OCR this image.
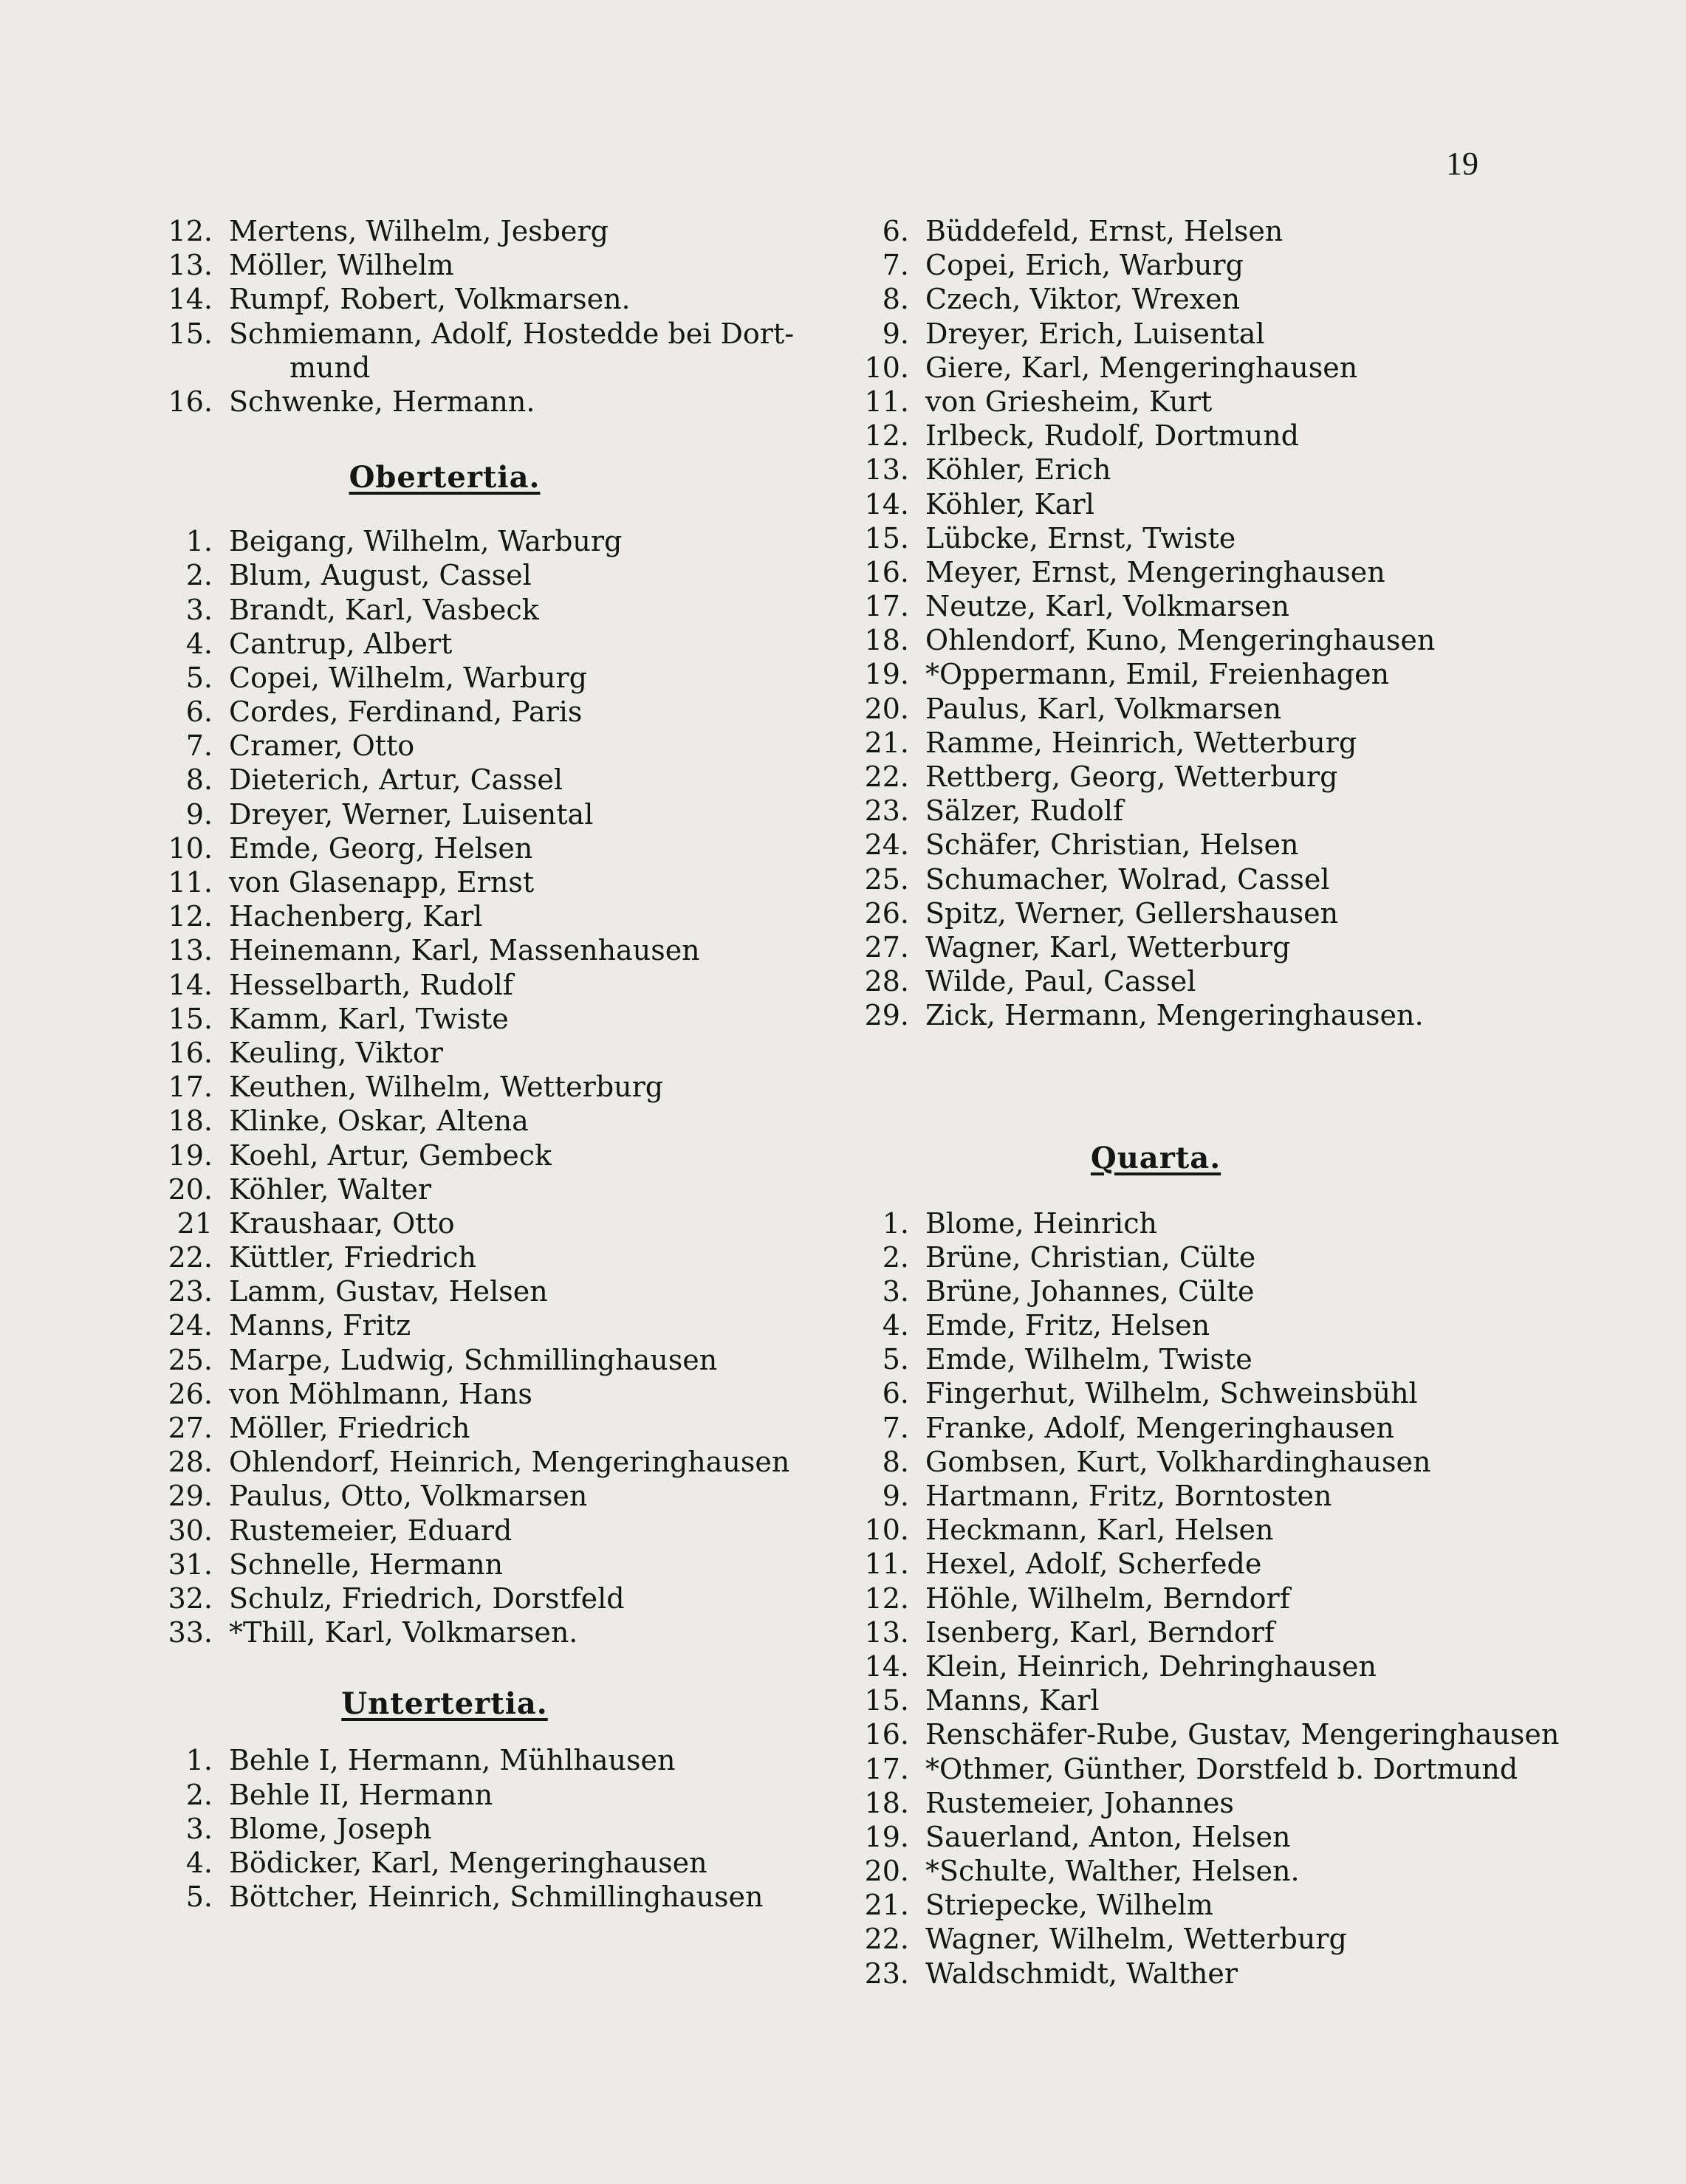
19
12. Mertens, Wilhelm, Jesberg
13. Möller, Wilhelm
14. Rumpf, Robert, Volkmarsen.
15. Schmiemann, Adolf, Hostedde bei Dort-
mund
16. Schwenke, Hermann.
Obertertia.
1. Beigang, Wilhelm, Warburg
2. Blum, August, Cassel
3. Brandt, Karl, Vasbeck
4. Cantrup, Albert
5. Copei, Wilhelm, Warburg
6. Cordes, Ferdinand, Paris
7. Cramer, Otto
8. Dieterich, Artur, Cassel
9. Dreyer, Werner, Luisental
10. Emde, Georg, Helsen
11. von Glasenapp, Ernst
12. Hachenberg, Karl
13. Heinemann, Karl, Massenhausen
14. Hesselbarth, Rudolf
15. Kamm, Karl, Twiste
16. Keuling, Viktor
17. Keuthen, Wilhelm, Wetterburg
18. Klinke, Oskar, Altena
19. Koehl, Artur, Gembeck
20. Köhler, Walter
21 Kraushaar, Otto
22. Küttler, Friedrich
23. Lamm, Gustav, Helsen
24. Manns, Fritz
25. Marpe, Ludwig, Schmillinghausen
26. von Möhlmann, Hans
27. Möller, Friedrich
28. Ohlendorf, Heinrich, Mengeringhausen
29. Paulus, Otto, Volkmarsen
30. Rustemeier, Eduard
31. Schnelle, Hermann
32. Schulz, Friedrich, Dorstfeld
33. *Thill, Karl, Volkmarsen.
Untertertia.
1. Behle I, Hermann, Mühlhausen
2. Behle II, Hermann
3. Blome, Joseph
4. Bödicker, Karl, Mengeringhausen
5. Böttcher, Heinrich, Schmillinghausen
6. Büddefeld, Ernst, Helsen
7. Copei, Erich, Warburg
8. Czech, Viktor, Wrexen
9. Dreyer, Erich, Luisental
10. Giere, Karl, Mengeringhausen
11. von Griesheim, Kurt
12. Irlbeck, Rudolf, Dortmund
13. Köhler, Erich
14. Köhler, Karl
15. Lübcke, Ernst, Twiste
16. Meyer, Ernst, Mengeringhausen
17. Neutze, Karl, Volkmarsen
18. Ohlendorf, Kuno, Mengeringhausen
19. *Oppermann, Emil, Freienhagen
20. Paulus, Karl, Volkmarsen
21. Ramme, Heinrich, Wetterburg
22. Rettberg, Georg, Wetterburg
23. Sälzer, Rudolf
24. Schäfer, Christian, Helsen
25. Schumacher, Wolrad, Cassel
26. Spitz, Werner, Gellershausen
27. Wagner, Karl, Wetterburg
28. Wilde, Paul, Cassel
29. Zick, Hermann, Mengeringhausen.
Quarta.
1. Blome, Heinrich
2. Brüne, Christian, Cülte
3. Brüne, Johannes, Cülte
4. Emde, Fritz, Helsen
5. Emde, Wilhelm, Twiste
6. Fingerhut, Wilhelm, Schweinsbühl
7. Franke, Adolf, Mengeringhausen
8. Gombsen, Kurt, Volkhardinghausen
9. Hartmann, Fritz, Borntosten
10. Heckmann, Karl, Helsen
11. Hexel, Adolf, Scherfede
12. Höhle, Wilhelm, Berndorf
13. Isenberg, Karl, Berndorf
14. Klein, Heinrich, Dehringhausen
15. Manns, Karl
16. Renschäfer-Rube, Gustav, Mengeringhausen
17. *Othmer, Günther, Dorstfeld b. Dortmund
18. Rustemeier, Johannes
19. Sauerland, Anton, Helsen
20. *Schulte, Walther, Helsen.
21. Striepecke, Wilhelm
22. Wagner, Wilhelm, Wetterburg
23. Waldschmidt, Walther
